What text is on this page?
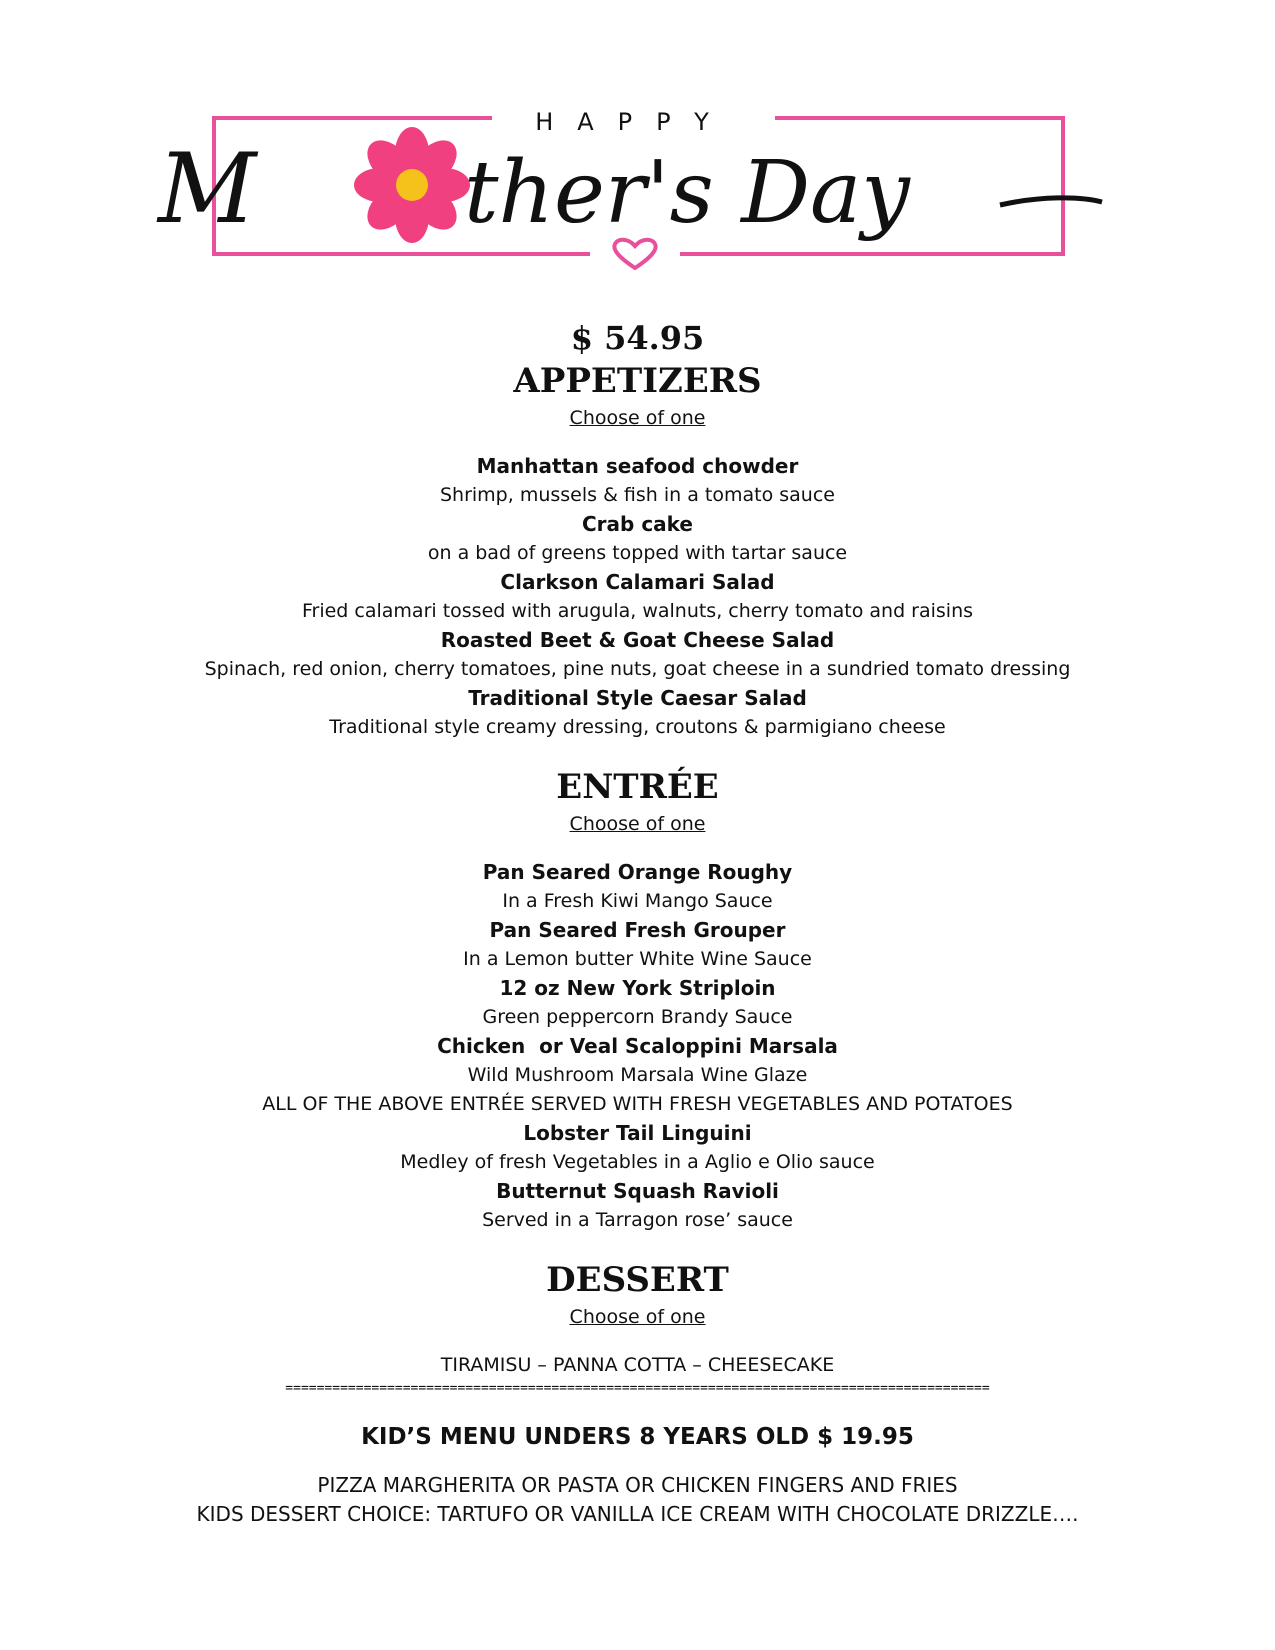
HAPPY
M ther's Day
$ 54.95
APPETIZERS
Choose of one
Manhattan seafood chowder
Shrimp, mussels & fish in a tomato sauce
Crab cake
on a bad of greens topped with tartar sauce
Clarkson Calamari Salad
Fried calamari tossed with arugula, walnuts, cherry tomato and raisins
Roasted Beet & Goat Cheese Salad
Spinach, red onion, cherry tomatoes, pine nuts, goat cheese in a sundried tomato dressing
Traditional Style Caesar Salad
Traditional style creamy dressing, croutons & parmigiano cheese
ENTRÉE
Choose of one
Pan Seared Orange Roughy
In a Fresh Kiwi Mango Sauce
Pan Seared Fresh Grouper
In a Lemon butter White Wine Sauce
12 oz New York Striploin
Green peppercorn Brandy Sauce
Chicken  or Veal Scaloppini Marsala
Wild Mushroom Marsala Wine Glaze
ALL OF THE ABOVE ENTRÉE SERVED WITH FRESH VEGETABLES AND POTATOES
Lobster Tail Linguini
Medley of fresh Vegetables in a Aglio e Olio sauce
Butternut Squash Ravioli
Served in a Tarragon rose’ sauce
DESSERT
Choose of one
TIRAMISU – PANNA COTTA – CHEESECAKE
==========================================================================================
KID’S MENU UNDERS 8 YEARS OLD $ 19.95
PIZZA MARGHERITA OR PASTA OR CHICKEN FINGERS AND FRIES
KIDS DESSERT CHOICE: TARTUFO OR VANILLA ICE CREAM WITH CHOCOLATE DRIZZLE….
